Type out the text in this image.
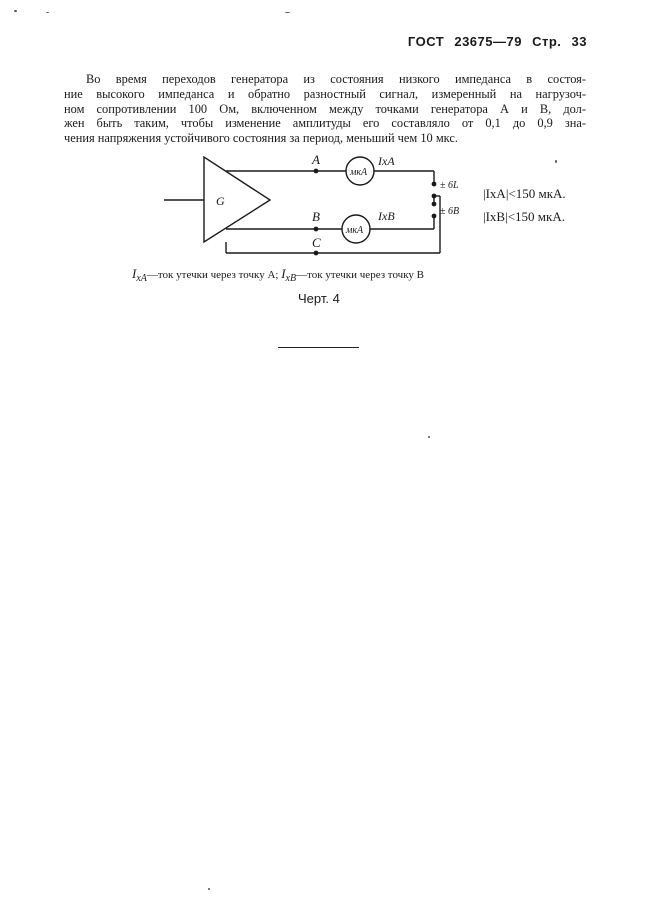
ГОСТ 23675—79 Стр. 33

Во время переходов генератора из состояния низкого импеданса в состоя-
ние высокого импеданса и обратно разностный сигнал, измеренный на нагрузоч-
ном сопротивлении 100 Ом, включенном между точками генератора А и В, дол-
жен быть таким, чтобы изменение амплитуды его составляло от 0,1 до 0,9 зна-
чения напряжения устойчивого состояния за период, меньший чем 10 мкс.

G
A
B
C
мкА
мкА
IxA
IxB
± 6L
± 6B
|IxA|<150 мкА.
|IxB|<150 мкА.
$I_{xA}—ток$ утечки через точку A; $I_{xB}—ток$ утечки через точку B
Черт. 4
